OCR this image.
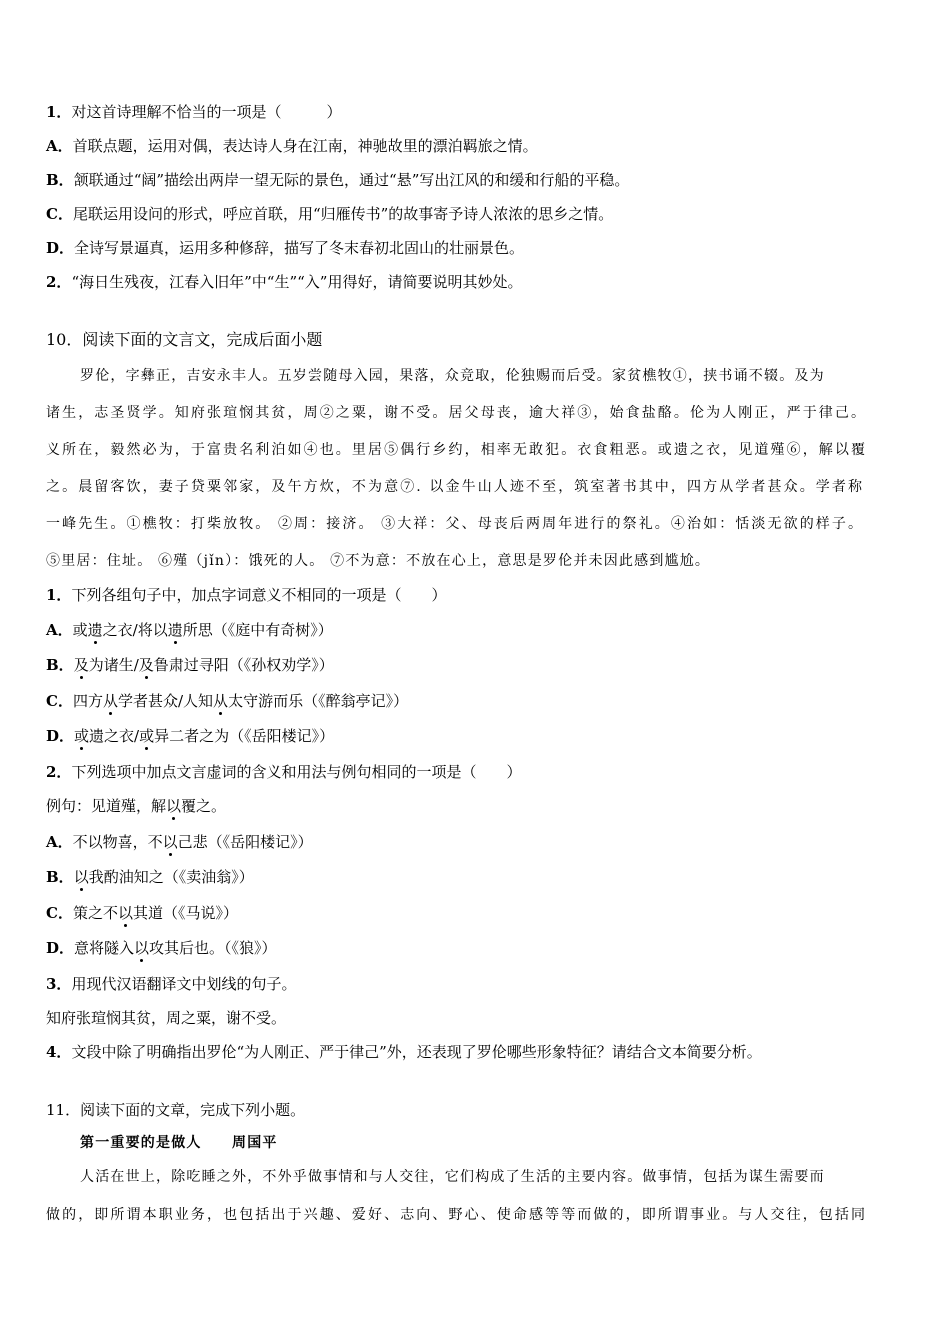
1．对这首诗理解不恰当的一项是（　　　）
A．首联点题，运用对偶，表达诗人身在江南，神驰故里的漂泊羁旅之情。
B．颔联通过“阔”描绘出两岸一望无际的景色，通过“悬”写出江风的和缓和行船的平稳。
C．尾联运用设问的形式，呼应首联，用“归雁传书”的故事寄予诗人浓浓的思乡之情。
D．全诗写景逼真，运用多种修辞，描写了冬末春初北固山的壮丽景色。
2．“海日生残夜，江春入旧年”中“生”“入”用得好，请简要说明其妙处。
10．阅读下面的文言文，完成后面小题
罗伦，字彝正，吉安永丰人。五岁尝随母入园，果落，众竞取，伦独赐而后受。家贫樵牧①，挟书诵不辍。及为
诸生，志圣贤学。知府张瑄悯其贫，周②之粟，谢不受。居父母丧，逾大祥③，始食盐酪。伦为人刚正，严于律己。
义所在，毅然必为，于富贵名利泊如④也。里居⑤偶行乡约，相率无敢犯。衣食粗恶。或遗之衣，见道殣⑥，解以覆
之。晨留客饮，妻子贷粟邻家，及午方炊，不为意⑦. 以金牛山人迹不至，筑室著书其中，四方从学者甚众。学者称
一峰先生。①樵牧：打柴放牧。 ②周：接济。 ③大祥：父、母丧后两周年进行的祭礼。④治如：恬淡无欲的样子。
⑤里居：住址。 ⑥殣（jǐn）：饿死的人。 ⑦不为意：不放在心上，意思是罗伦并未因此感到尴尬。
1．下列各组句子中，加点字词意义不相同的一项是（　　）
A．或遗之衣/将以遗所思（《庭中有奇树》）
B．及为诸生/及鲁肃过寻阳（《孙权劝学》）
C．四方从学者甚众/人知从太守游而乐（《醉翁亭记》）
D．或遗之衣/或异二者之为（《岳阳楼记》）
2．下列选项中加点文言虚词的含义和用法与例句相同的一项是（　　）
例句：见道殣，解以覆之。
A．不以物喜，不以己悲（《岳阳楼记》）
B．以我酌油知之（《卖油翁》）
C．策之不以其道（《马说》）
D．意将隧入以攻其后也。（《狼》）
3．用现代汉语翻译文中划线的句子。
知府张瑄悯其贫，周之粟，谢不受。
4．文段中除了明确指出罗伦“为人刚正、严于律己”外，还表现了罗伦哪些形象特征？请结合文本简要分析。
11．阅读下面的文章，完成下列小题。
第一重要的是做人　　周国平
人活在世上，除吃睡之外，不外乎做事情和与人交往，它们构成了生活的主要内容。做事情，包括为谋生需要而
做的，即所谓本职业务，也包括出于兴趣、爱好、志向、野心、使命感等等而做的，即所谓事业。与人交往，包括同
